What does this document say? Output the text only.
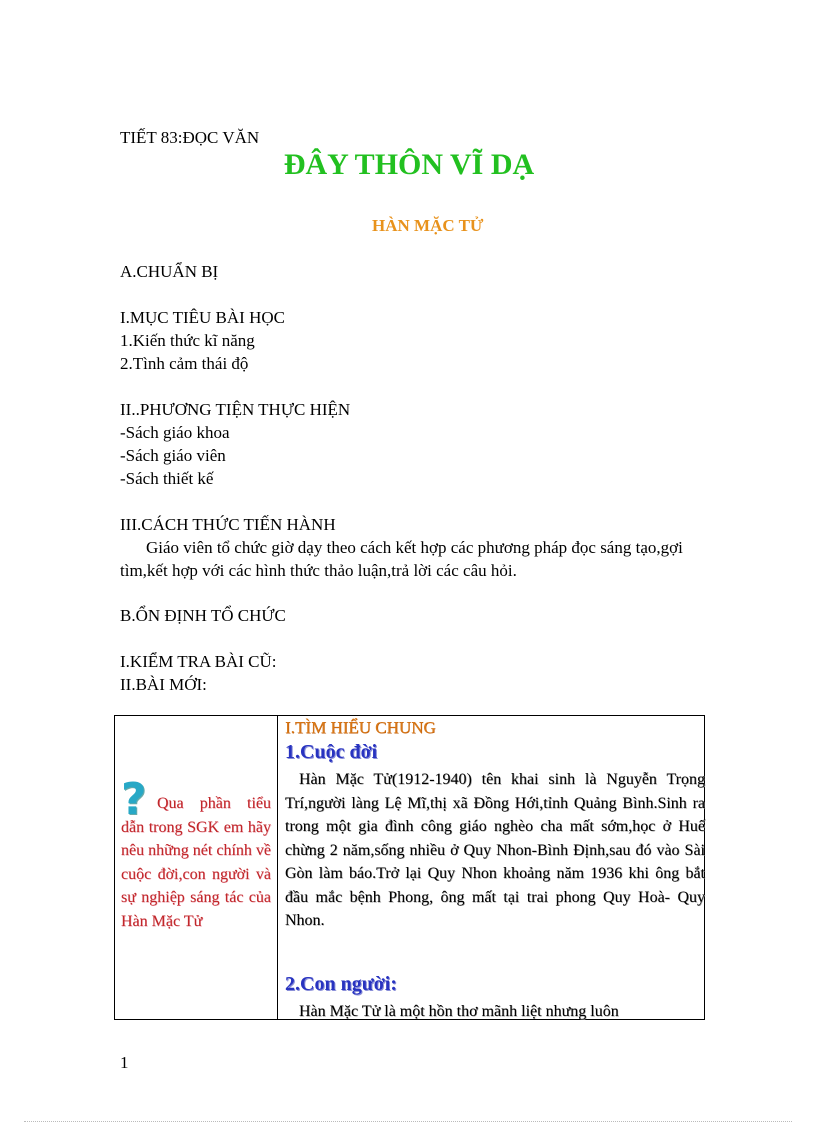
TIẾT 83:ĐỌC VĂN
ĐÂY THÔN VĨ DẠ
HÀN MẶC TỬ
A.CHUẨN BỊ
I.MỤC TIÊU BÀI HỌC
1.Kiến thức kĩ năng
2.Tình cảm thái độ
II..PHƯƠNG TIỆN THỰC HIỆN
-Sách giáo khoa
-Sách giáo viên
-Sách thiết kế
III.CÁCH THỨC TIẾN HÀNH
Giáo viên tổ chức giờ dạy theo cách kết hợp các phương pháp đọc sáng tạo,gợi tìm,kết hợp với các hình thức thảo luận,trả lời các câu hỏi.
B.ỔN ĐỊNH TỔ CHỨC
I.KIỂM TRA BÀI CŨ:
II.BÀI MỚI:
? Qua phần tiểu dẫn trong SGK em hãy nêu những nét chính về cuộc đời,con người và sự nghiệp sáng tác của Hàn Mặc Tử
I.TÌM HIỂU CHUNG
1.Cuộc đời
Hàn Mặc Tử(1912-1940) tên khai sinh là Nguyễn Trọng Trí,người làng Lệ Mĩ,thị xã Đồng Hới,tỉnh Quảng Bình.Sinh ra trong một gia đình công giáo nghèo cha mất sớm,học ở Huế chừng 2 năm,sống nhiều ở Quy Nhon-Bình Định,sau đó vào Sài Gòn làm báo.Trở lại Quy Nhon khoảng năm 1936 khi ông bắt đầu mắc bệnh Phong, ông mất tại trai phong Quy Hoà- Quy Nhon.
2.Con người:
Hàn Mặc Tử là một hồn thơ mãnh liệt nhưng luôn
1
